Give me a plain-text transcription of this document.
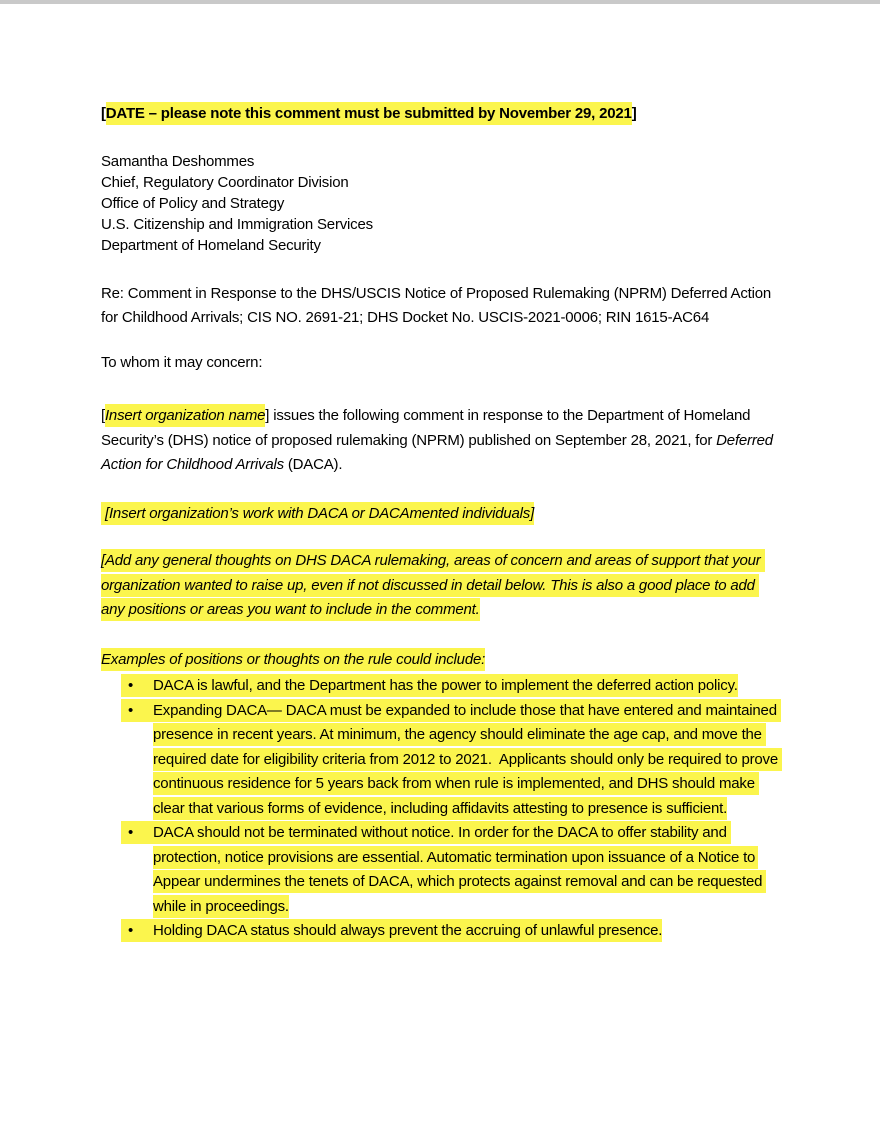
[DATE – please note this comment must be submitted by November 29, 2021]

Samantha Deshommes

Chief, Regulatory Coordinator Division

Office of Policy and Strategy

U.S. Citizenship and Immigration Services

Department of Homeland Security

Re: Comment in Response to the DHS/USCIS Notice of Proposed Rulemaking (NPRM) Deferred Action for Childhood Arrivals; CIS NO. 2691-21; DHS Docket No. USCIS-2021-0006; RIN 1615-AC64

To whom it may concern:

[Insert organization name] issues the following comment in response to the Department of Homeland Security’s (DHS) notice of proposed rulemaking (NPRM) published on September 28, 2021, for Deferred Action for Childhood Arrivals (DACA).

[Insert organization’s work with DACA or DACAmented individuals]

[Add any general thoughts on DHS DACA rulemaking, areas of concern and areas of support that your organization wanted to raise up, even if not discussed in detail below. This is also a good place to add any positions or areas you want to include in the comment.

Examples of positions or thoughts on the rule could include:

• DACA is lawful, and the Department has the power to implement the deferred action policy.
• Expanding DACA— DACA must be expanded to include those that have entered and maintained presence in recent years. At minimum, the agency should eliminate the age cap, and move the required date for eligibility criteria from 2012 to 2021.  Applicants should only be required to prove continuous residence for 5 years back from when rule is implemented, and DHS should make clear that various forms of evidence, including affidavits attesting to presence is sufficient.
• DACA should not be terminated without notice. In order for the DACA to offer stability and protection, notice provisions are essential. Automatic termination upon issuance of a Notice to Appear undermines the tenets of DACA, which protects against removal and can be requested while in proceedings.
• Holding DACA status should always prevent the accruing of unlawful presence.
